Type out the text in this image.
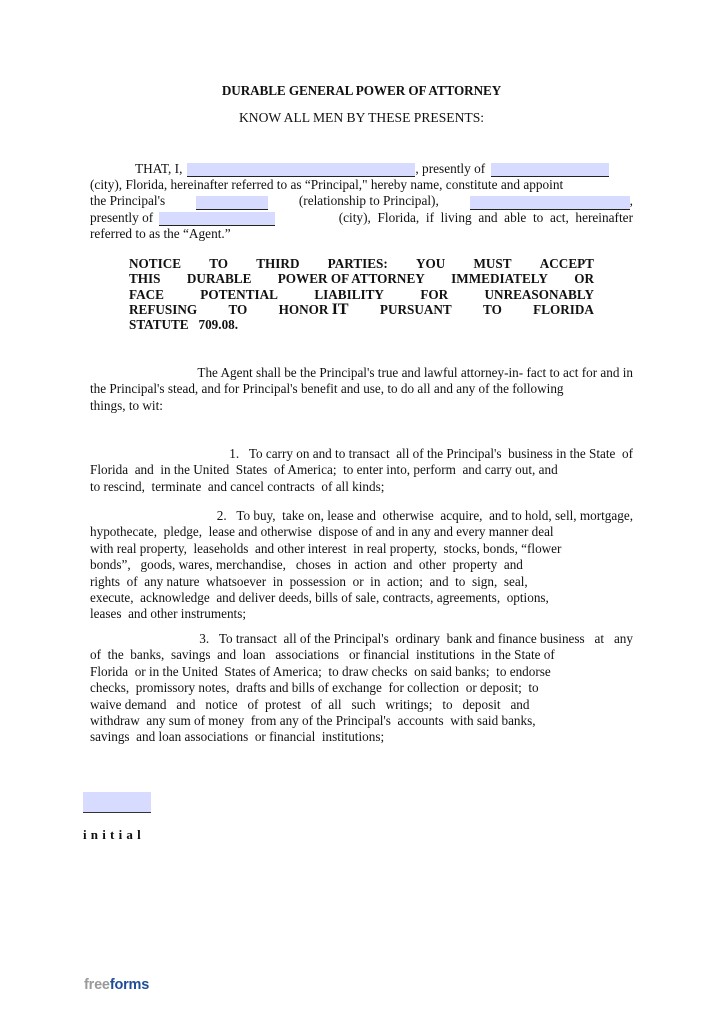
DURABLE GENERAL POWER OF ATTORNEY
KNOW ALL MEN BY THESE PRESENTS:
THAT, I,	, presently of
(city), Florida, hereinafter referred to as “Principal," hereby name, constitute and appoint
the Principal's	(relationship to Principal),	,
presently of	(city),  Florida,  if  living  and  able  to  act,  hereinafter
referred to as the “Agent.”
NOTICE TO THIRD PARTIES: YOU MUST ACCEPT
THIS DURABLE POWER OF ATTORNEY IMMEDIATELY OR
FACE	POTENTIAL	LIABILITY	FOR	UNREASONABLY
REFUSING TO HONOR IT PURSUANT TO FLORIDA
STATUTE   709.08.
The Agent shall be the Principal's true and lawful attorney-in- fact to act for and in
the Principal's stead, and for Principal's benefit and use, to do all and any of the following
things, to wit:
1.   To carry on and to transact  all of the Principal's  business in the State  of
Florida  and  in the United  States  of America;  to enter into, perform  and carry out, and
to rescind,  terminate  and cancel contracts  of all kinds;
2.   To buy,  take on, lease and  otherwise  acquire,  and to hold, sell, mortgage,
hypothecate,  pledge,  lease and otherwise  dispose of and in any and every manner deal
with real property,  leaseholds  and other interest  in real property,  stocks, bonds, “flower
bonds”,   goods, wares, merchandise,   choses  in  action  and  other  property  and
rights  of  any nature  whatsoever  in  possession  or  in  action;  and  to  sign,  seal,
execute,  acknowledge  and deliver deeds, bills of sale, contracts, agreements,  options,
leases  and other instruments;
3.   To transact  all of the Principal's  ordinary  bank and finance business   at   any
of  the  banks,  savings  and  loan   associations   or financial  institutions  in the State of
Florida  or in the United  States of America;  to draw checks  on said banks;  to endorse
checks,  promissory notes,  drafts and bills of exchange  for collection  or deposit;  to
waive demand   and   notice   of  protest   of  all   such   writings;   to   deposit   and
withdraw  any sum of money  from any of the Principal's  accounts  with said banks,
savings  and loan associations  or financial  institutions;
initial
freeforms
